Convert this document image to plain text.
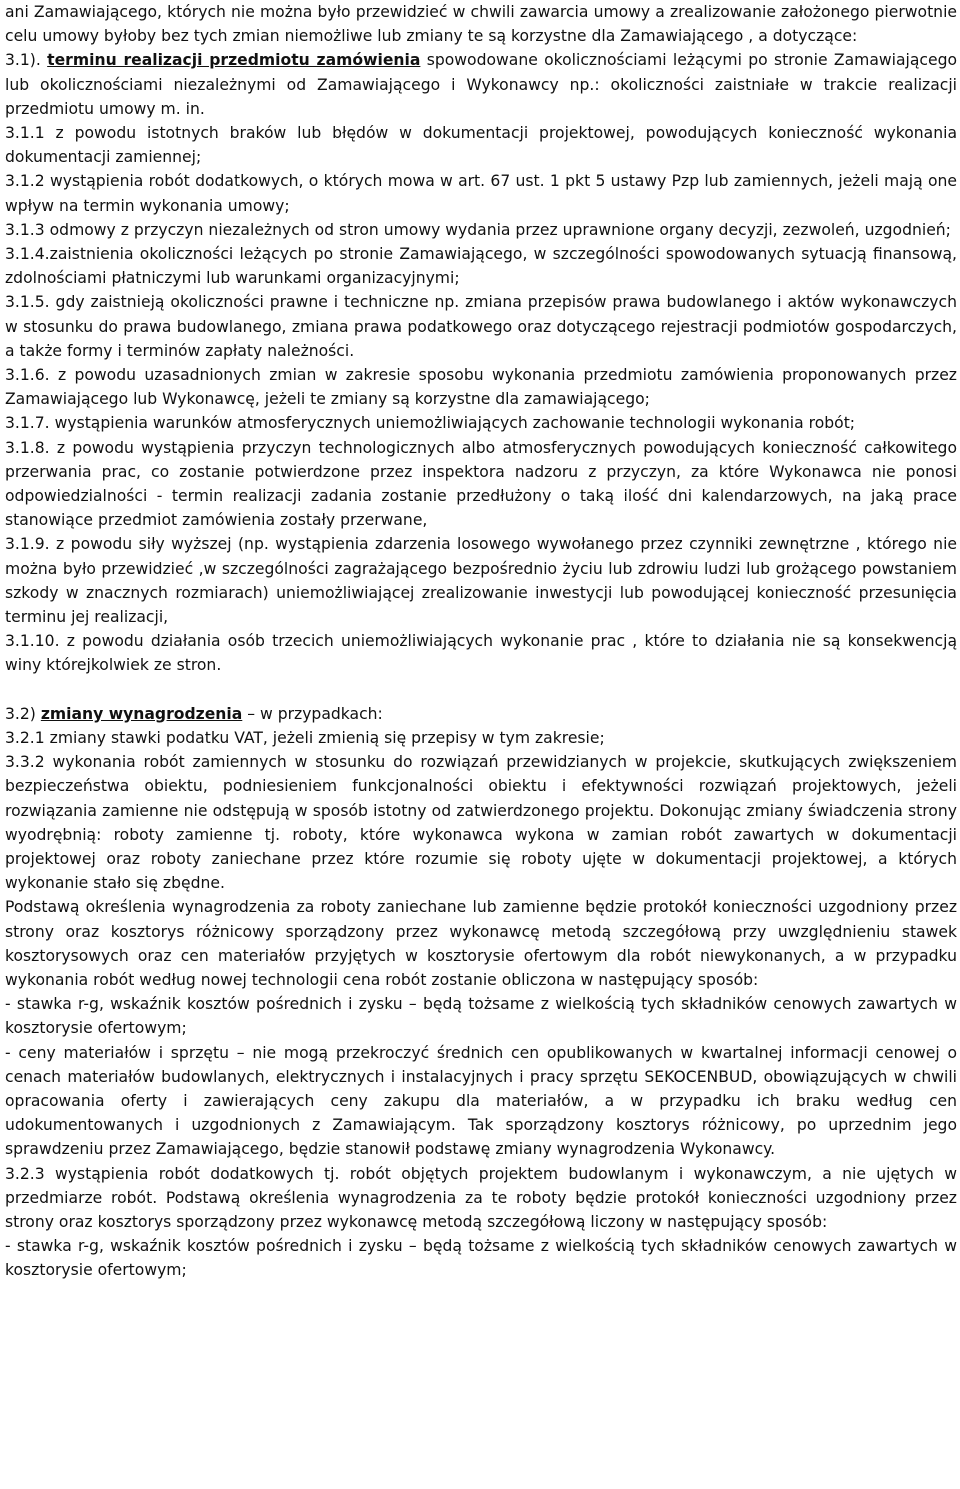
ani Zamawiającego, których nie można było przewidzieć w chwili zawarcia umowy a zrealizowanie założonego pierwotnie celu umowy byłoby bez tych zmian niemożliwe lub zmiany te są korzystne dla Zamawiającego , a dotyczące:

3.1). terminu realizacji przedmiotu zamówienia spowodowane okolicznościami leżącymi po stronie Zamawiającego lub okolicznościami niezależnymi od Zamawiającego i Wykonawcy np.: okoliczności zaistniałe w trakcie realizacji przedmiotu umowy m. in.

3.1.1 z powodu istotnych braków lub błędów w dokumentacji projektowej, powodujących konieczność wykonania dokumentacji zamiennej;

3.1.2 wystąpienia robót dodatkowych, o których mowa w art. 67 ust. 1 pkt 5 ustawy Pzp lub zamiennych, jeżeli mają one wpływ na termin wykonania umowy;

3.1.3 odmowy z przyczyn niezależnych od stron umowy wydania przez uprawnione organy decyzji, zezwoleń, uzgodnień;

3.1.4.zaistnienia okoliczności leżących po stronie Zamawiającego, w szczególności spowodowanych sytuacją finansową, zdolnościami płatniczymi lub warunkami organizacyjnymi;

3.1.5. gdy zaistnieją okoliczności prawne i techniczne np. zmiana przepisów prawa budowlanego i aktów wykonawczych w stosunku do prawa budowlanego, zmiana prawa podatkowego oraz dotyczącego rejestracji podmiotów gospodarczych, a także formy i terminów zapłaty należności.

3.1.6. z powodu uzasadnionych zmian w zakresie sposobu wykonania przedmiotu zamówienia proponowanych przez Zamawiającego lub Wykonawcę, jeżeli te zmiany są korzystne dla zamawiającego;

3.1.7. wystąpienia warunków atmosferycznych uniemożliwiających zachowanie technologii wykonania robót;

3.1.8. z powodu wystąpienia przyczyn technologicznych albo atmosferycznych powodujących konieczność całkowitego przerwania prac, co zostanie potwierdzone przez inspektora nadzoru z przyczyn, za które Wykonawca nie ponosi odpowiedzialności - termin realizacji zadania zostanie przedłużony o taką ilość dni kalendarzowych, na jaką prace stanowiące przedmiot zamówienia zostały przerwane,

3.1.9. z powodu siły wyższej (np. wystąpienia zdarzenia losowego wywołanego przez czynniki zewnętrzne , którego nie można było przewidzieć ,w szczególności zagrażającego bezpośrednio życiu lub zdrowiu ludzi lub grożącego powstaniem szkody w znacznych rozmiarach) uniemożliwiającej zrealizowanie inwestycji lub powodującej konieczność przesunięcia terminu jej realizacji,

3.1.10. z powodu działania osób trzecich uniemożliwiających wykonanie prac , które to działania nie są konsekwencją winy którejkolwiek ze stron.

3.2) zmiany wynagrodzenia – w przypadkach:

3.2.1 zmiany stawki podatku VAT, jeżeli zmienią się przepisy w tym zakresie;

3.3.2 wykonania robót zamiennych w stosunku do rozwiązań przewidzianych w projekcie, skutkujących zwiększeniem bezpieczeństwa obiektu, podniesieniem funkcjonalności obiektu i efektywności rozwiązań projektowych, jeżeli rozwiązania zamienne nie odstępują w sposób istotny od zatwierdzonego projektu. Dokonując zmiany świadczenia strony wyodrębnią: roboty zamienne tj. roboty, które wykonawca wykona w zamian robót zawartych w dokumentacji projektowej oraz roboty zaniechane przez które rozumie się roboty ujęte w dokumentacji projektowej, a których wykonanie stało się zbędne.

Podstawą określenia wynagrodzenia za roboty zaniechane lub zamienne będzie protokół konieczności uzgodniony przez strony oraz kosztorys różnicowy sporządzony przez wykonawcę metodą szczegółową przy uwzględnieniu stawek kosztorysowych oraz cen materiałów przyjętych w kosztorysie ofertowym dla robót niewykonanych, a w przypadku wykonania robót według nowej technologii cena robót zostanie obliczona w następujący sposób:

- stawka r-g, wskaźnik kosztów pośrednich i zysku – będą tożsame z wielkością tych składników cenowych zawartych w kosztorysie ofertowym;

- ceny materiałów i sprzętu – nie mogą przekroczyć średnich cen opublikowanych w kwartalnej informacji cenowej o cenach materiałów budowlanych, elektrycznych i instalacyjnych i pracy sprzętu SEKOCENBUD, obowiązujących w chwili opracowania oferty i zawierających ceny zakupu dla materiałów, a w przypadku ich braku według cen udokumentowanych i uzgodnionych z Zamawiającym. Tak sporządzony kosztorys różnicowy, po uprzednim jego sprawdzeniu przez Zamawiającego, będzie stanowił podstawę zmiany wynagrodzenia Wykonawcy.

3.2.3 wystąpienia robót dodatkowych tj. robót objętych projektem budowlanym i wykonawczym, a nie ujętych w przedmiarze robót. Podstawą określenia wynagrodzenia za te roboty będzie protokół konieczności uzgodniony przez strony oraz kosztorys sporządzony przez wykonawcę metodą szczegółową liczony w następujący sposób:

- stawka r-g, wskaźnik kosztów pośrednich i zysku – będą tożsame z wielkością tych składników cenowych zawartych w kosztorysie ofertowym;
